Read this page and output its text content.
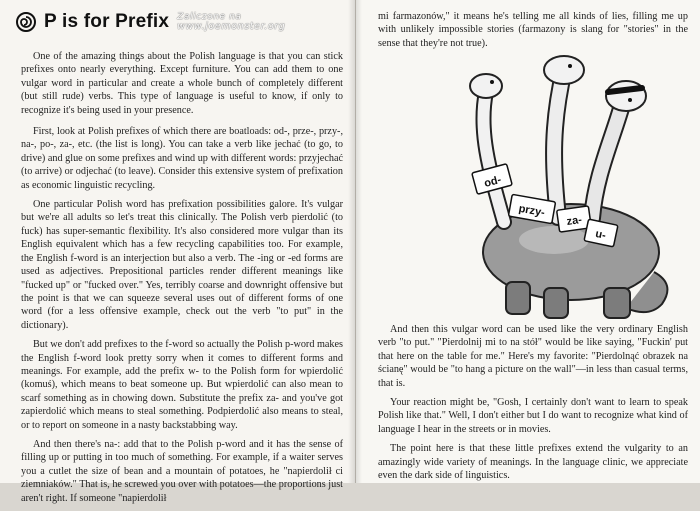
P is for Prefix Zaliczone na
www.joemonster.org

One of the amazing things about the Polish language is that you can stick prefixes onto nearly everything. Except furniture. You can add them to one vulgar word in particular and create a whole bunch of completely different (but still rude) verbs. This type of language is useful to know, if only to recognize it's being used in your presence.

First, look at Polish prefixes of which there are boatloads: od-, prze-, przy-, na-, po-, za-, etc. (the list is long). You can take a verb like jechać (to go, to drive) and glue on some prefixes and wind up with different words: przyjechać (to arrive) or odjechać (to leave). Consider this extensive system of prefixation as economic linguistic recycling.

One particular Polish word has prefixation possibilities galore. It's vulgar but we're all adults so let's treat this clinically. The Polish verb pierdolić (to fuck) has super-semantic flexibility. It's also considered more vulgar than its English equivalent which has a few recycling capabilities too. For example, the English f-word is an interjection but also a verb. The -ing or -ed forms are used as adjectives. Prepositional particles render different meanings like "fucked up" or "fucked over." Yes, terribly coarse and downright offensive but the point is that we can squeeze several uses out of different forms of one word (for a less offensive example, check out the verb "to put" in the dictionary).

But we don't add prefixes to the f-word so actually the Polish p-word makes the English f-word look pretty sorry when it comes to different forms and meanings. For example, add the prefix w- to the Polish form for wpierdolić (komuś), which means to beat someone up. But wpierdolić can also mean to scarf something as in chowing down. Substitute the prefix za- and you've got zapierdolić which means to steal something. Podpierdolić also means to steal, or to report on someone in a nasty backstabbing way.

And then there's na-: add that to the Polish p-word and it has the sense of filling up or putting in too much of something. For example, if a waiter serves you a cutlet the size of bean and a mountain of potatoes, he "napierdolił ci ziemniaków." That is, he screwed you over with potatoes—the proportions just aren't right. If someone "napierdolił

mi farmazonów," it means he's telling me all kinds of lies, filling me up with unlikely impossible stories (farmazony is slang for "stories" in the sense that they're not true).

od-
przy-
za-
u-

And then this vulgar word can be used like the very ordinary English verb "to put." "Pierdolnij mi to na stół" would be like saying, "Fuckin' put that here on the table for me." Here's my favorite: "Pierdolnąć obrazek na ścianę" would be "to hang a picture on the wall"—in less than casual terms, that is.

Your reaction might be, "Gosh, I certainly don't want to learn to speak Polish like that." Well, I don't either but I do want to recognize what kind of language I hear in the streets or in movies.

The point here is that these little prefixes extend the vulgarity to an amazingly wide variety of meanings. In the language clinic, we appreciate even the dark side of linguistics.
